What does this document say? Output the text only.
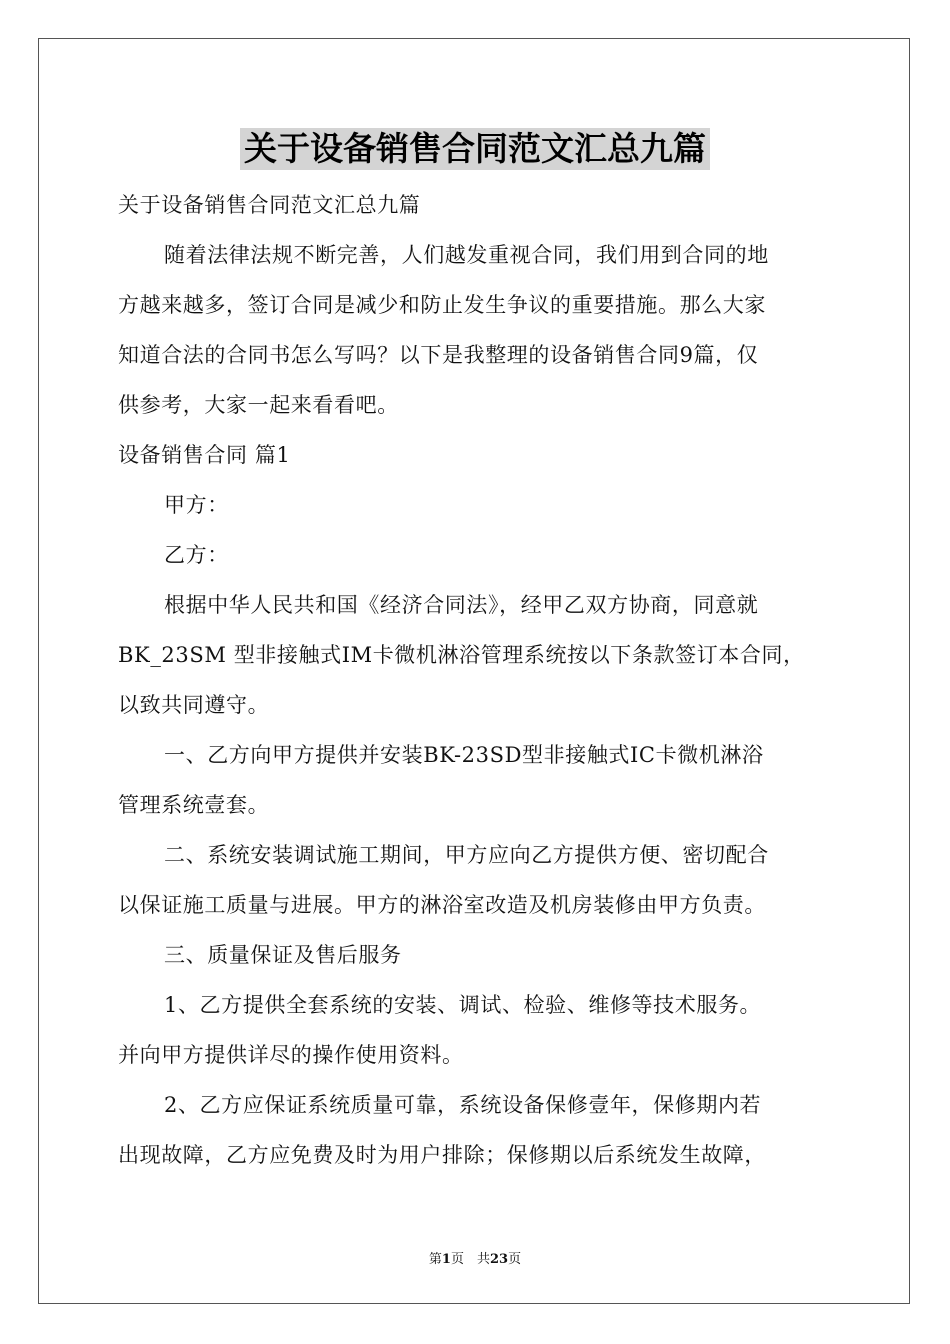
关于设备销售合同范文汇总九篇
关于设备销售合同范文汇总九篇
随着法律法规不断完善，人们越发重视合同，我们用到合同的地
方越来越多，签订合同是减少和防止发生争议的重要措施。那么大家
知道合法的合同书怎么写吗？以下是我整理的设备销售合同9篇，仅
供参考，大家一起来看看吧。
设备销售合同 篇1
甲方：
乙方：
根据中华人民共和国《经济合同法》，经甲乙双方协商，同意就
BK_23SM 型非接触式IM卡微机淋浴管理系统按以下条款签订本合同，
以致共同遵守。
一、乙方向甲方提供并安装BK-23SD型非接触式IC卡微机淋浴
管理系统壹套。
二、系统安装调试施工期间，甲方应向乙方提供方便、密切配合
以保证施工质量与进展。甲方的淋浴室改造及机房装修由甲方负责。
三、质量保证及售后服务
1、乙方提供全套系统的安装、调试、检验、维修等技术服务。
并向甲方提供详尽的操作使用资料。
2、乙方应保证系统质量可靠，系统设备保修壹年，保修期内若
出现故障，乙方应免费及时为用户排除；保修期以后系统发生故障，
第1页　共23页
